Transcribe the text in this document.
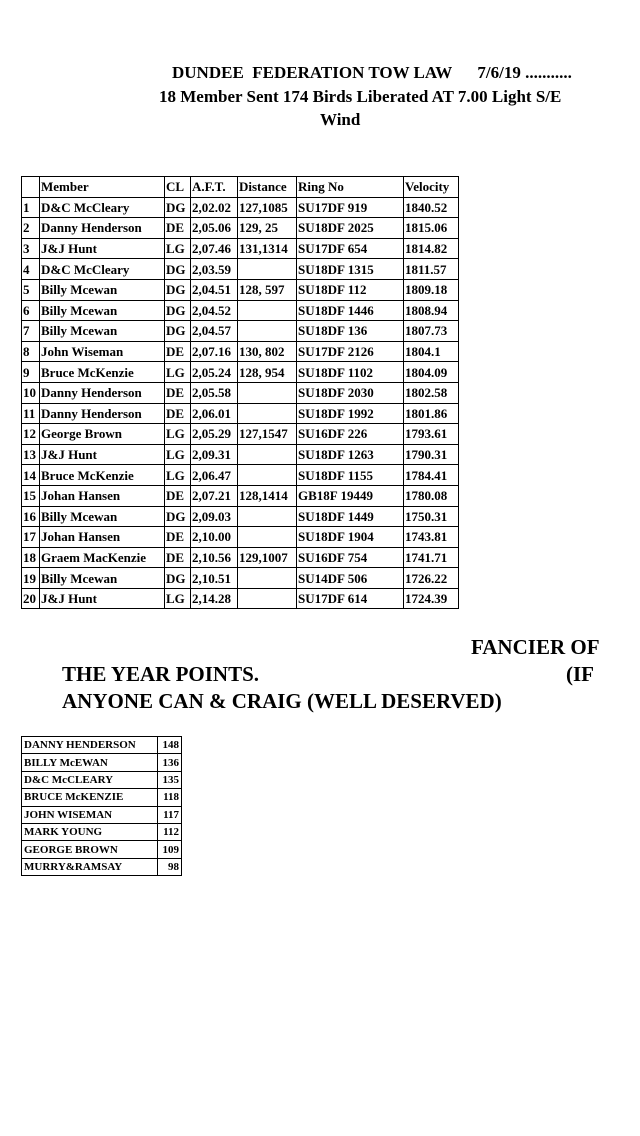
DUNDEE  FEDERATION TOW LAW      7/6/19 ...........
18 Member Sent 174 Birds Liberated AT 7.00 Light S/E
Wind
	Member	CL	A.F.T.	Distance	Ring No	Velocity
1	D&C McCleary	DG	2,02.02	127,1085	SU17DF 919	1840.52
2	Danny Henderson	DE	2,05.06	129, 25	SU18DF 2025	1815.06
3	J&J Hunt	LG	2,07.46	131,1314	SU17DF 654	1814.82
4	D&C McCleary	DG	2,03.59		SU18DF 1315	1811.57
5	Billy Mcewan	DG	2,04.51	128, 597	SU18DF 112	1809.18
6	Billy Mcewan	DG	2,04.52		SU18DF 1446	1808.94
7	Billy Mcewan	DG	2,04.57		SU18DF 136	1807.73
8	John Wiseman	DE	2,07.16	130, 802	SU17DF 2126	1804.1
9	Bruce McKenzie	LG	2,05.24	128, 954	SU18DF 1102	1804.09
10	Danny Henderson	DE	2,05.58		SU18DF 2030	1802.58
11	Danny Henderson	DE	2,06.01		SU18DF 1992	1801.86
12	George Brown	LG	2,05.29	127,1547	SU16DF 226	1793.61
13	J&J Hunt	LG	2,09.31		SU18DF 1263	1790.31
14	Bruce McKenzie	LG	2,06.47		SU18DF 1155	1784.41
15	Johan Hansen	DE	2,07.21	128,1414	GB18F 19449	1780.08
16	Billy Mcewan	DG	2,09.03		SU18DF 1449	1750.31
17	Johan Hansen	DE	2,10.00		SU18DF 1904	1743.81
18	Graem MacKenzie	DE	2,10.56	129,1007	SU16DF 754	1741.71
19	Billy Mcewan	DG	2,10.51		SU14DF 506	1726.22
20	J&J Hunt	LG	2,14.28		SU17DF 614	1724.39
FANCIER OF
THE YEAR POINTS.	(IF
ANYONE CAN & CRAIG (WELL DESERVED)
DANNY HENDERSON	148
BILLY McEWAN	136
D&C McCLEARY	135
BRUCE McKENZIE	118
JOHN WISEMAN	117
MARK YOUNG	112
GEORGE BROWN	109
MURRY&RAMSAY	98
